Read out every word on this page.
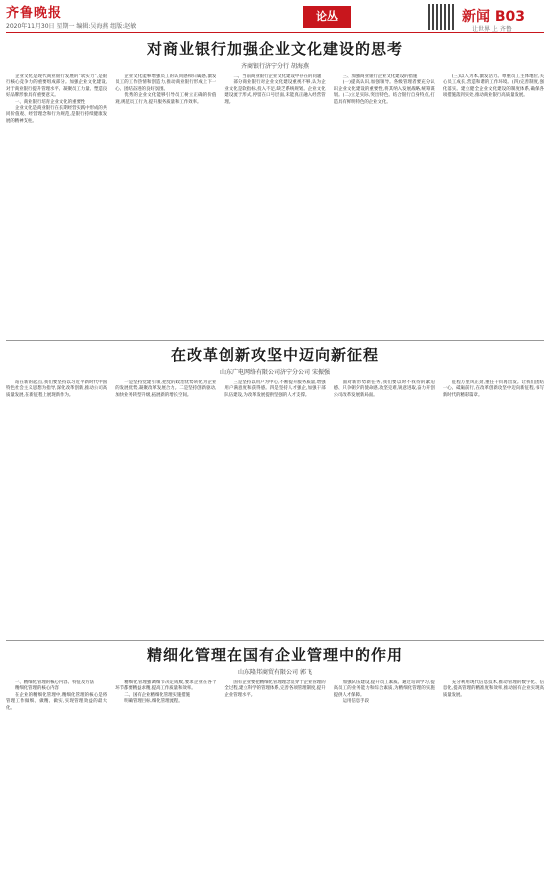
齐鲁晚报
2020年11月30日 星期一 编辑:吴海燕 组版:赵敏
论丛	新闻 B03
让世界 上 齐鲁
对商业银行加强企业文化建设的思考
齐商银行济宁分行 胡海燕

企业文化是现代商业银行发展的“软实力”,是银行核心竞争力的重要组成部分。加强企业文化建设,对于商业银行提升管理水平、凝聚员工力量、塑造良好品牌形象具有重要意义。

一、商业银行培育企业文化的重要性

企业文化是商业银行在长期经营实践中形成的共同价值观、经营理念和行为规范,是银行持续健康发展的精神支柱。

企业文化能够增强员工的认同感和归属感,激发员工的工作热情和创造力,推动商业银行形成上下一心、团结奋进的良好氛围。

优秀的企业文化能够引导员工树立正确的价值观,规范员工行为,提升服务质量和工作效率。

二、当前商业银行企业文化建设中存在的问题

部分商业银行对企业文化建设重视不够,认为企业文化是软指标,投入不足,缺乏系统规划。企业文化建设流于形式,停留在口号层面,未能真正融入经营管理。

三、加强商业银行企业文化建设的措施

(一)提高认识,加强领导。各级管理者要充分认识企业文化建设的重要性,将其纳入发展战略,统筹谋划。(二)立足实际,突出特色。结合银行自身特点,打造具有鲜明特色的企业文化。

(三)以人为本,激发活力。尊重员工主体地位,关心员工成长,营造和谐的工作环境。(四)完善制度,强化落实。建立健全企业文化建设的制度体系,确保各项措施落到实处,推动商业银行高质量发展。

在改革创新攻坚中迈向新征程
山东广电网络有限公司济宁分公司 宋振强

站在新的起点,我们要坚持以习近平新时代中国特色社会主义思想为指导,深化改革创新,推动公司高质量发展,在新征程上展现新作为。

一是坚持党建引领,把党的政治优势转化为企业的发展优势,凝聚改革发展合力。二是坚持创新驱动,加快业务转型升级,拓展新的增长空间。

三是坚持以用户为中心,不断提升服务质量,增强用户满意度和获得感。四是坚持人才强企,加强干部队伍建设,为改革发展提供坚强的人才支撑。

面对新形势新任务,我们要以时不我待的紧迫感、只争朝夕的使命感,攻坚克难,锐意进取,奋力开创公司改革发展新局面。

征程万里风正劲,重任千钧再出发。让我们团结一心、砥砺前行,在改革创新攻坚中迈向新征程,书写新时代的精彩篇章。

精细化管理在国有企业管理中的作用
山东隆邦商贸有限公司 郭飞

一、精细化管理的核心内容、特征及方法

精细化管理的核心内容

在企业的精细化管理中,精细化管理的核心是将管理工作做细、做精、做实,实现管理效益的最大化。

精细化管理强调细节决定成败,要求企业在各个环节都要精益求精,提高工作质量和效率。

二、国有企业精细化管理实施措施

明确管理目标,细化管理流程。

国有企业要把精细化管理理念贯穿于企业管理的全过程,建立科学的管理体系,完善各项管理制度,提升企业管理水平。

加强队伍建设,提升员工素质。通过培训学习,提高员工的业务能力和综合素质,为精细化管理的实施提供人才保障。

运用信息手段

充分利用现代信息技术,推动管理的数字化、信息化,提高管理的精准度和效率,推动国有企业实现高质量发展。
